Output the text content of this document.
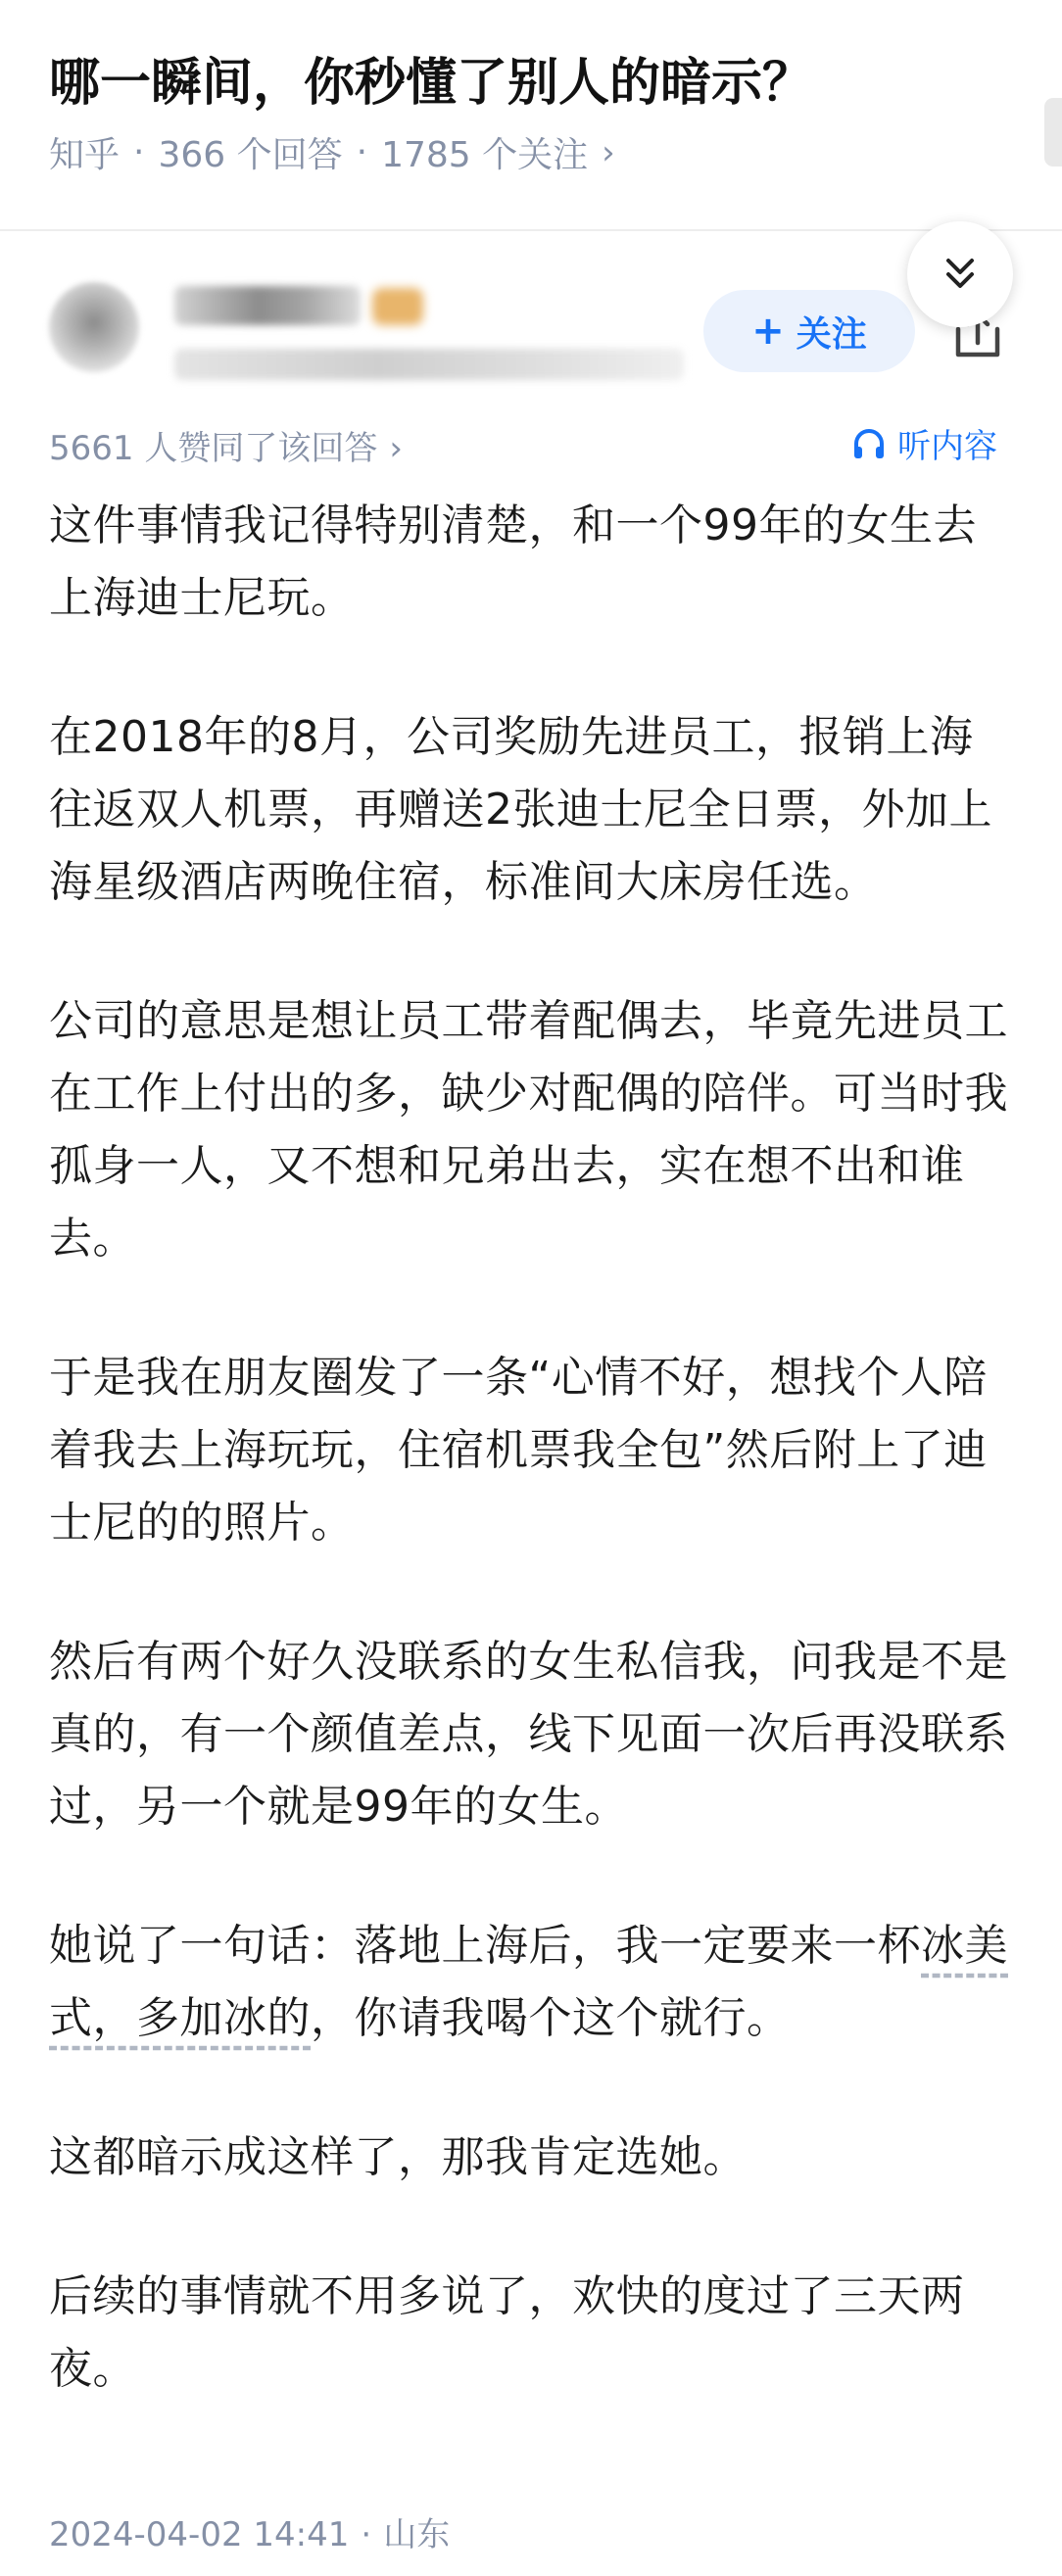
哪一瞬间，你秒懂了别人的暗示？
知乎 · 366 个回答 · 1785 个关注 ›
+ 关注
5661 人赞同了该回答 ›	听内容

这件事情我记得特别清楚，和一个99年的女生去上海迪士尼玩。

在2018年的8月，公司奖励先进员工，报销上海往返双人机票，再赠送2张迪士尼全日票，外加上海星级酒店两晚住宿，标准间大床房任选。

公司的意思是想让员工带着配偶去，毕竟先进员工在工作上付出的多，缺少对配偶的陪伴。可当时我孤身一人，又不想和兄弟出去，实在想不出和谁去。

于是我在朋友圈发了一条“心情不好，想找个人陪着我去上海玩玩，住宿机票我全包”然后附上了迪士尼的的照片。

然后有两个好久没联系的女生私信我，问我是不是真的，有一个颜值差点，线下见面一次后再没联系过，另一个就是99年的女生。

她说了一句话：落地上海后，我一定要来一杯冰美式，多加冰的，你请我喝个这个就行。

这都暗示成这样了，那我肯定选她。

后续的事情就不用多说了，欢快的度过了三天两夜。

2024-04-02 14:41 · 山东
